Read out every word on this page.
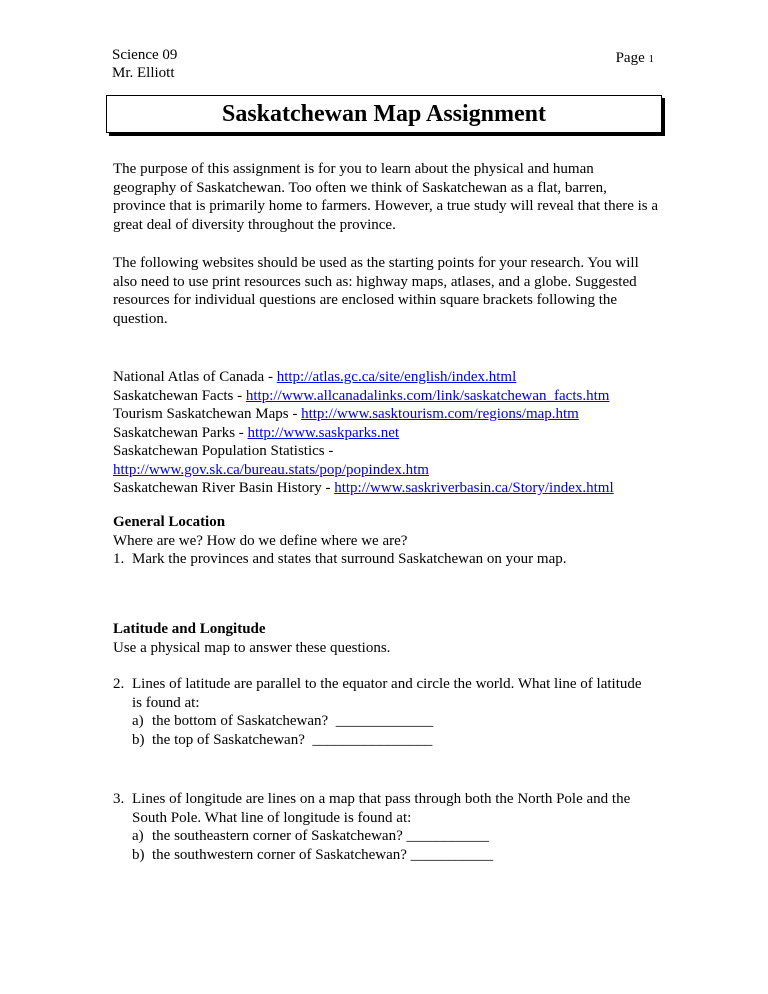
Science 09
Mr. Elliott
Page 1
Saskatchewan Map Assignment
The purpose of this assignment is for you to learn about the physical and human geography of Saskatchewan. Too often we think of Saskatchewan as a flat, barren, province that is primarily home to farmers. However, a true study will reveal that there is a great deal of diversity throughout the province.
The following websites should be used as the starting points for your research. You will also need to use print resources such as: highway maps, atlases, and a globe. Suggested resources for individual questions are enclosed within square brackets following the question.
National Atlas of Canada - http://atlas.gc.ca/site/english/index.html
Saskatchewan Facts - http://www.allcanadalinks.com/link/saskatchewan_facts.htm
Tourism Saskatchewan Maps - http://www.sasktourism.com/regions/map.htm
Saskatchewan Parks - http://www.saskparks.net
Saskatchewan Population Statistics -
http://www.gov.sk.ca/bureau.stats/pop/popindex.htm
Saskatchewan River Basin History - http://www.saskriverbasin.ca/Story/index.html
General Location
Where are we? How do we define where we are?
1. Mark the provinces and states that surround Saskatchewan on your map.
Latitude and Longitude
Use a physical map to answer these questions.
2. Lines of latitude are parallel to the equator and circle the world. What line of latitude is found at:
a) the bottom of Saskatchewan?  _____________
b) the top of Saskatchewan?  ________________
3. Lines of longitude are lines on a map that pass through both the North Pole and the South Pole. What line of longitude is found at:
a) the southeastern corner of Saskatchewan? ___________
b) the southwestern corner of Saskatchewan? ___________
